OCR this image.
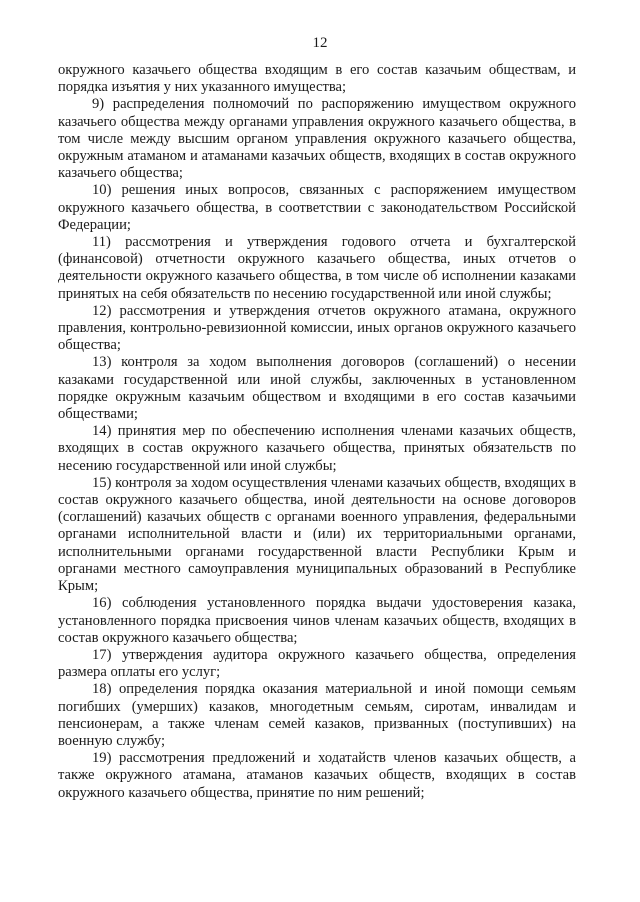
12

окружного казачьего общества входящим в его состав казачьим обществам, и порядка изъятия у них указанного имущества;

9) распределения полномочий по распоряжению имуществом окружного казачьего общества между органами управления окружного казачьего общества, в том числе между высшим органом управления окружного казачьего общества, окружным атаманом и атаманами казачьих обществ, входящих в состав окружного казачьего общества;

10) решения иных вопросов, связанных с распоряжением имуществом окружного казачьего общества, в соответствии с законодательством Российской Федерации;

11) рассмотрения и утверждения годового отчета и бухгалтерской (финансовой) отчетности окружного казачьего общества, иных отчетов о деятельности окружного казачьего общества, в том числе об исполнении казаками принятых на себя обязательств по несению государственной или иной службы;

12) рассмотрения и утверждения отчетов окружного атамана, окружного правления, контрольно-ревизионной комиссии, иных органов окружного казачьего общества;

13) контроля за ходом выполнения договоров (соглашений) о несении казаками государственной или иной службы, заключенных в установленном порядке окружным казачьим обществом и входящими в его состав казачьими обществами;

14) принятия мер по обеспечению исполнения членами казачьих обществ, входящих в состав окружного казачьего общества, принятых обязательств по несению государственной или иной службы;

15) контроля за ходом осуществления членами казачьих обществ, входящих в состав окружного казачьего общества, иной деятельности на основе договоров (соглашений) казачьих обществ с органами военного управления, федеральными органами исполнительной власти и (или) их территориальными органами, исполнительными органами государственной власти Республики Крым и органами местного самоуправления муниципальных образований в Республике Крым;

16) соблюдения установленного порядка выдачи удостоверения казака, установленного порядка присвоения чинов членам казачьих обществ, входящих в состав окружного казачьего общества;

17) утверждения аудитора окружного казачьего общества, определения размера оплаты его услуг;

18) определения порядка оказания материальной и иной помощи семьям погибших (умерших) казаков, многодетным семьям, сиротам, инвалидам и пенсионерам, а также членам семей казаков, призванных (поступивших) на военную службу;

19) рассмотрения предложений и ходатайств членов казачьих обществ, а также окружного атамана, атаманов казачьих обществ, входящих в состав окружного казачьего общества, принятие по ним решений;
